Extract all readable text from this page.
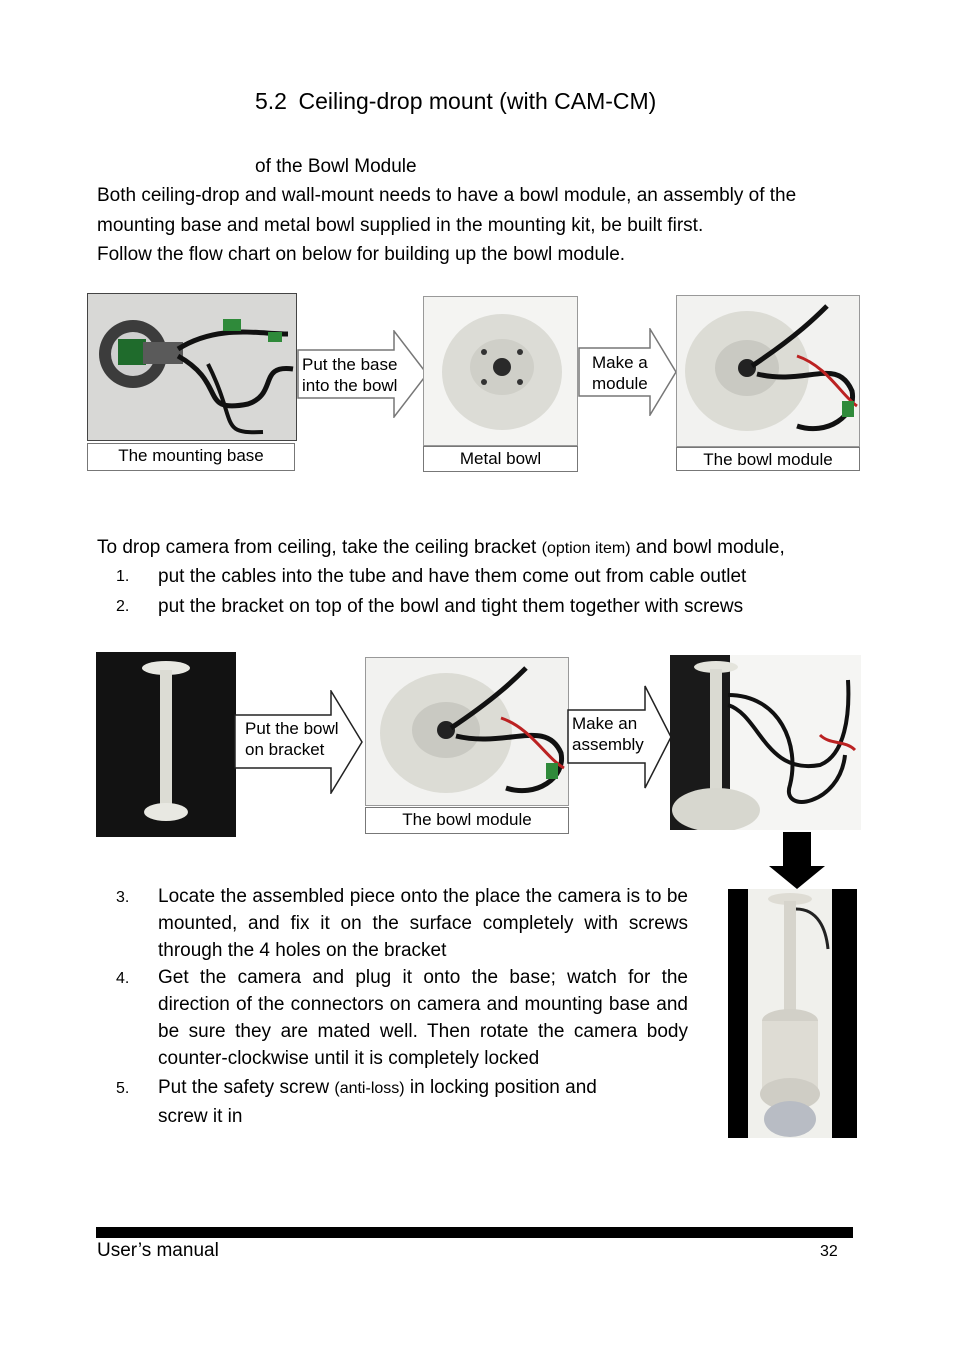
5.2 Ceiling-drop mount (with CAM-CM)
of the Bowl Module
Both ceiling-drop and wall-mount needs to have a bowl module, an assembly of the
mounting base and metal bowl supplied in the mounting kit, be built first.
Follow the flow chart on below for building up the bowl module.
The mounting base
Put the base
into the bowl
Metal bowl
Make a
module
The bowl module
To drop camera from ceiling, take the ceiling bracket (option item) and bowl module,
1. put the cables into the tube and have them come out from cable outlet
2. put the bracket on top of the bowl and tight them together with screws
Put the bowl
on bracket
The bowl module
Make an
assembly
3. Locate the assembled piece onto the place the camera is to be mounted, and fix it on the surface completely with screws through the 4 holes on the bracket
4. Get the camera and plug it onto the base; watch for the direction of the connectors on camera and mounting base and be sure they are mated well. Then rotate the camera body counter-clockwise until it is completely locked
5. Put the safety screw (anti-loss) in locking position and
screw it in
User’s manual	32
